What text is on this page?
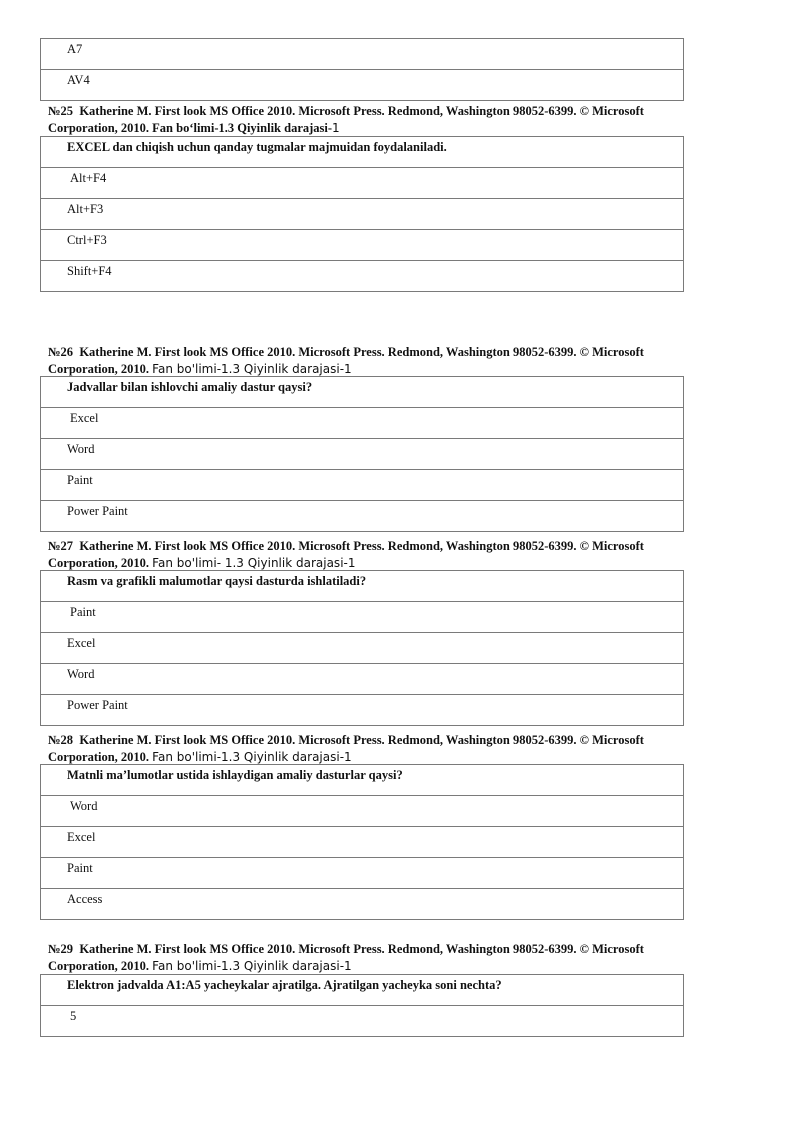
A7

AV4
№25 Katherine M. First look MS Office 2010. Microsoft Press. Redmond, Washington 98052-6399. © Microsoft Corporation, 2010. Fan bo‘limi-1.3 Qiyinlik darajasi-1
EXCEL dan chiqish uchun qanday tugmalar majmuidan foydalaniladi.

Alt+F4

Alt+F3

Ctrl+F3

Shift+F4
№26 Katherine M. First look MS Office 2010. Microsoft Press. Redmond, Washington 98052-6399. © Microsoft Corporation, 2010. Fan bo'limi-1.3 Qiyinlik darajasi-1
Jadvallar bilan ishlovchi amaliy dastur qaysi?

Excel

Word

Paint

Power Paint
№27 Katherine M. First look MS Office 2010. Microsoft Press. Redmond, Washington 98052-6399. © Microsoft Corporation, 2010. Fan bo'limi- 1.3 Qiyinlik darajasi-1
Rasm va grafikli malumotlar qaysi dasturda ishlatiladi?

Paint

Excel

Word

Power Paint
№28 Katherine M. First look MS Office 2010. Microsoft Press. Redmond, Washington 98052-6399. © Microsoft Corporation, 2010. Fan bo'limi-1.3 Qiyinlik darajasi-1
Matnli ma’lumotlar ustida ishlaydigan amaliy dasturlar qaysi?

Word

Excel

Paint

Access
№29 Katherine M. First look MS Office 2010. Microsoft Press. Redmond, Washington 98052-6399. © Microsoft Corporation, 2010. Fan bo'limi-1.3 Qiyinlik darajasi-1
Elektron jadvalda A1:A5 yacheykalar ajratilga. Ajratilgan yacheyka soni nechta?

5
